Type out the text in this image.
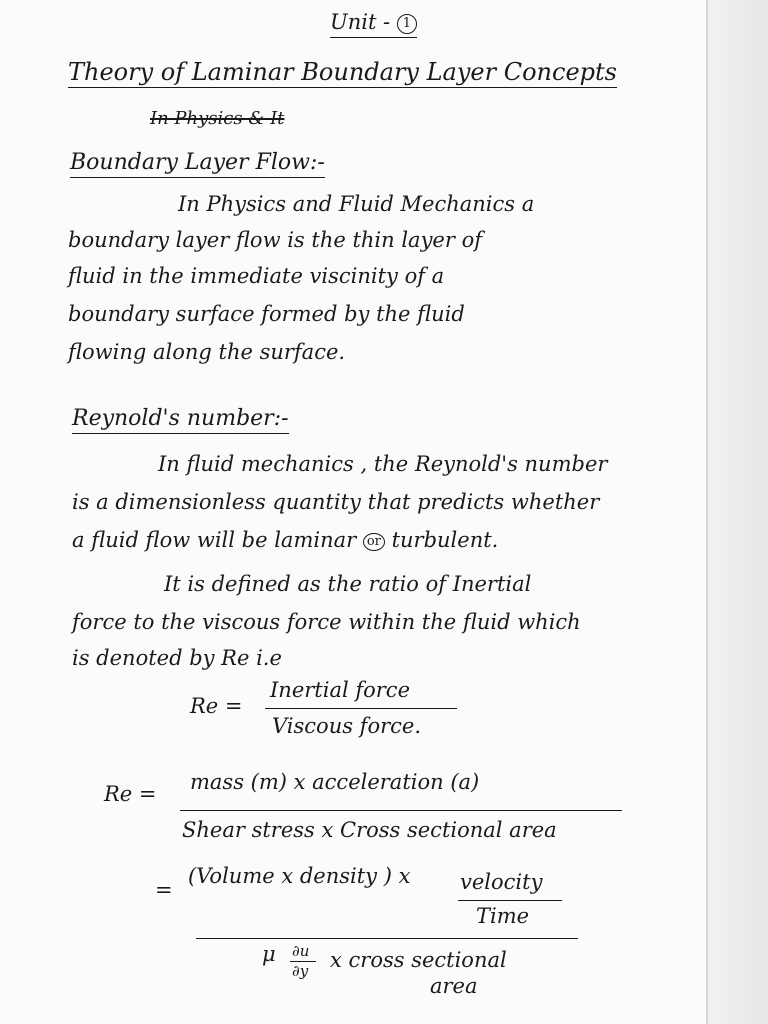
Unit - 1
Theory of Laminar Boundary Layer Concepts
In Physics & It
Boundary Layer Flow:-
In Physics and Fluid Mechanics a
boundary layer flow is the thin layer of
fluid in the immediate viscinity of a
boundary surface formed by the fluid
flowing along the surface.
Reynold's number:-
In fluid mechanics , the Reynold's number
is a dimensionless quantity that predicts whether
a fluid flow will be laminar or turbulent.
It is defined as the ratio of Inertial
force to the viscous force within the fluid which
is denoted by Re i.e
Re =
Inertial force
Viscous force.
Re = mass (m) x acceleration (a)
Shear stress x Cross sectional area
=
(Volume x density ) x velocity
Time
μ ∂u
∂y x cross sectional
area
